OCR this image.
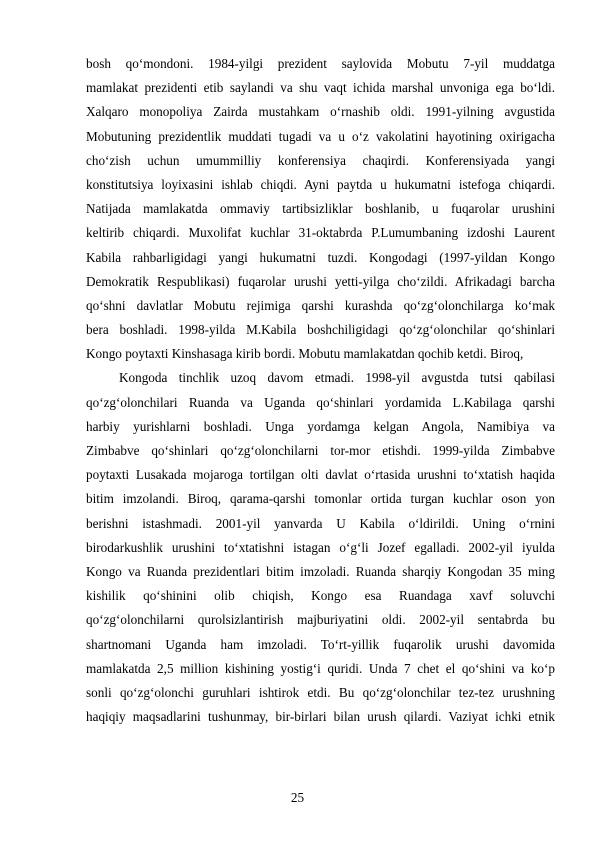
bosh qo‘mondoni. 1984-yilgi prezident saylovida Mobutu 7-yil muddatga
mamlakat prezidenti etib saylandi va shu vaqt ichida marshal unvoniga ega bo‘ldi.
Xalqaro monopoliya Zairda mustahkam o‘rnashib oldi. 1991-yilning avgustida
Mobutuning prezidentlik muddati tugadi va u o‘z vakolatini hayotining oxirigacha
cho‘zish uchun umummilliy konferensiya chaqirdi. Konferensiyada yangi
konstitutsiya loyixasini ishlab chiqdi. Ayni paytda u hukumatni istefoga chiqardi.
Natijada mamlakatda ommaviy tartibsizliklar boshlanib, u fuqarolar urushini
keltirib chiqardi. Muxolifat kuchlar 31-oktabrda P.Lumumbaning izdoshi Laurent
Kabila rahbarligidagi yangi hukumatni tuzdi. Kongodagi (1997-yildan Kongo
Demokratik Respublikasi) fuqarolar urushi yetti-yilga cho‘zildi. Afrikadagi barcha
qo‘shni davlatlar Mobutu rejimiga qarshi kurashda qo‘zg‘olonchilarga ko‘mak
bera boshladi. 1998-yilda M.Kabila boshchiligidagi qo‘zg‘olonchilar qo‘shinlari
Kongo poytaxti Kinshasaga kirib bordi. Mobutu mamlakatdan qochib ketdi. Biroq,
Kongoda tinchlik uzoq davom etmadi. 1998-yil avgustda tutsi qabilasi
qo‘zg‘olonchilari Ruanda va Uganda qo‘shinlari yordamida L.Kabilaga qarshi
harbiy yurishlarni boshladi. Unga yordamga kelgan Angola, Namibiya va
Zimbabve qo‘shinlari qo‘zg‘olonchilarni tor-mor etishdi. 1999-yilda Zimbabve
poytaxti Lusakada mojaroga tortilgan olti davlat o‘rtasida urushni to‘xtatish haqida
bitim imzolandi. Biroq, qarama-qarshi tomonlar ortida turgan kuchlar oson yon
berishni istashmadi. 2001-yil yanvarda U Kabila o‘ldirildi. Uning o‘rnini
birodarkushlik urushini to‘xtatishni istagan o‘g‘li Jozef egalladi. 2002-yil iyulda
Kongo va Ruanda prezidentlari bitim imzoladi. Ruanda sharqiy Kongodan 35 ming
kishilik qo‘shinini olib chiqish, Kongo esa Ruandaga xavf soluvchi
qo‘zg‘olonchilarni qurolsizlantirish majburiyatini oldi. 2002-yil sentabrda bu
shartnomani Uganda ham imzoladi. To‘rt-yillik fuqarolik urushi davomida
mamlakatda 2,5 million kishining yostig‘i quridi. Unda 7 chet el qo‘shini va ko‘p
sonli qo‘zg‘olonchi guruhlari ishtirok etdi. Bu qo‘zg‘olonchilar tez-tez urushning
haqiqiy maqsadlarini tushunmay, bir-birlari bilan urush qilardi. Vaziyat ichki etnik
25
